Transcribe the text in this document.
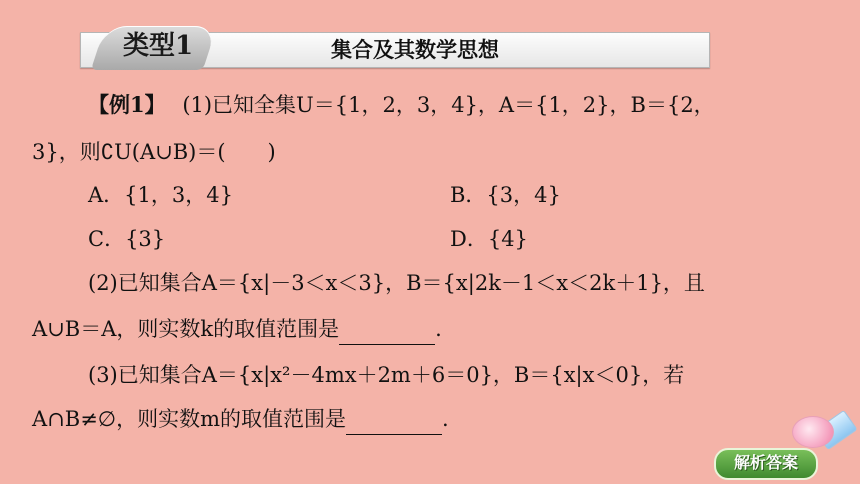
类型1	集合及其数学思想
【例1】 (1)已知全集U＝{1，2，3，4}，A＝{1，2}，B＝{2，
3}，则∁U(A∪B)＝(　　)
A．{1，3，4}	B．{3，4}
C．{3}	D．{4}
(2)已知集合A＝{x|－3＜x＜3}，B＝{x|2k－1＜x＜2k＋1}，且
A∪B＝A，则实数k的取值范围是	.
(3)已知集合A＝{x|x²－4mx＋2m＋6＝0}，B＝{x|x＜0}，若
A∩B≠∅，则实数m的取值范围是	.
解析答案
